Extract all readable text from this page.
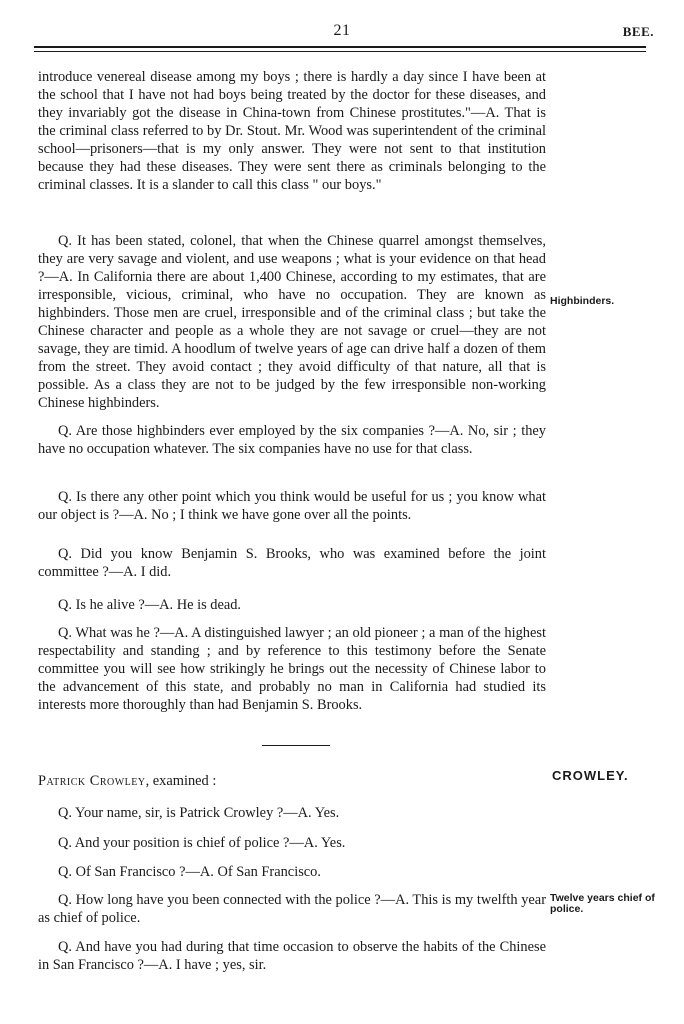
21	BEE.

introduce venereal disease among my boys ; there is hardly a day since I have been at the school that I have not had boys being treated by the doctor for these diseases, and they invariably got the disease in China-town from Chinese prostitutes."—A. That is the criminal class referred to by Dr. Stout. Mr. Wood was superintendent of the criminal school—prisoners—that is my only answer. They were not sent to that institution because they had these diseases. They were sent there as criminals belonging to the criminal classes. It is a slander to call this class " our boys."

Q. It has been stated, colonel, that when the Chinese quarrel amongst themselves, they are very savage and violent, and use weapons ; what is your evidence on that head ?—A. In California there are about 1,400 Chinese, according to my estimates, that are irresponsible, vicious, criminal, who have no occupation. They are known as highbinders. Those men are cruel, irresponsible and of the criminal class ; but take the Chinese character and people as a whole they are not savage or cruel—they are not savage, they are timid. A hoodlum of twelve years of age can drive half a dozen of them from the street. They avoid contact ; they avoid difficulty of that nature, all that is possible. As a class they are not to be judged by the few irresponsible non-working Chinese highbinders.

Q. Are those highbinders ever employed by the six companies ?—A. No, sir ; they have no occupation whatever. The six companies have no use for that class.

Q. Is there any other point which you think would be useful for us ; you know what our object is ?—A. No ; I think we have gone over all the points.

Q. Did you know Benjamin S. Brooks, who was examined before the joint committee ?—A. I did.

Q. Is he alive ?—A. He is dead.

Q. What was he ?—A. A distinguished lawyer ; an old pioneer ; a man of the highest respectability and standing ; and by reference to this testimony before the Senate committee you will see how strikingly he brings out the necessity of Chinese labor to the advancement of this state, and probably no man in California had studied its interests more thoroughly than had Benjamin S. Brooks.

Patrick Crowley, examined :

Q. Your name, sir, is Patrick Crowley ?—A. Yes.

Q. And your position is chief of police ?—A. Yes.

Q. Of San Francisco ?—A. Of San Francisco.

Q. How long have you been connected with the police ?—A. This is my twelfth year as chief of police.

Q. And have you had during that time occasion to observe the habits of the Chinese in San Francisco ?—A. I have ; yes, sir.

Highbinders.
CROWLEY.
Twelve years chief of police.
